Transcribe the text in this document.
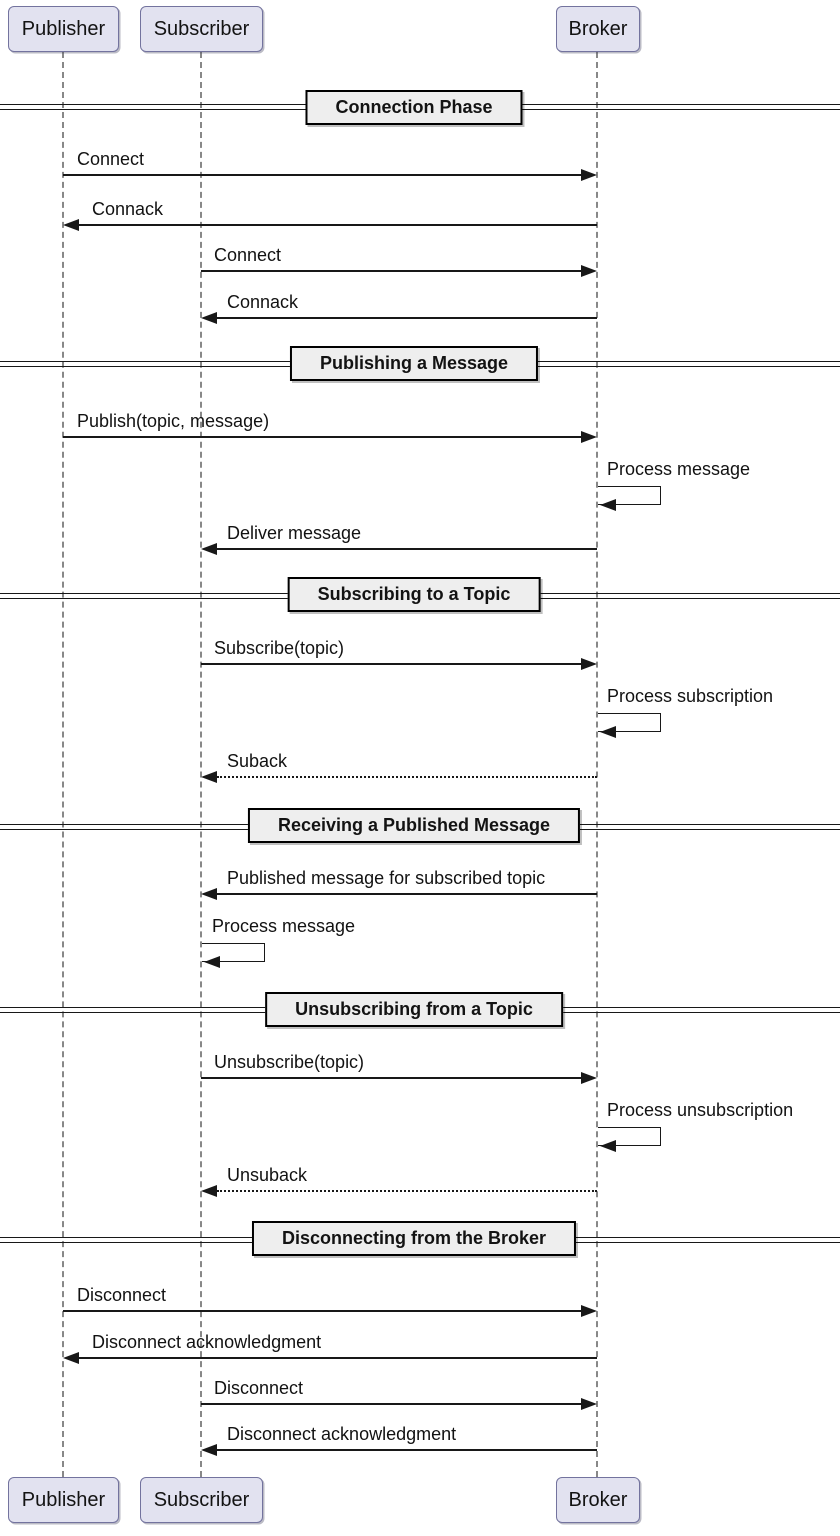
Publisher Subscriber	Broker
Connection Phase
Connect
Connack
Connect
Connack
Publishing a Message
Publish(topic, message)
Process message
Deliver message
Subscribing to a Topic
Subscribe(topic)
Process subscription
Suback
Receiving a Published Message
Published message for subscribed topic
Process message
Unsubscribing from a Topic
Unsubscribe(topic)
Process unsubscription
Unsuback
Disconnecting from the Broker
Disconnect
Disconnect acknowledgment
Disconnect
Disconnect acknowledgment
Publisher Subscriber	Broker
